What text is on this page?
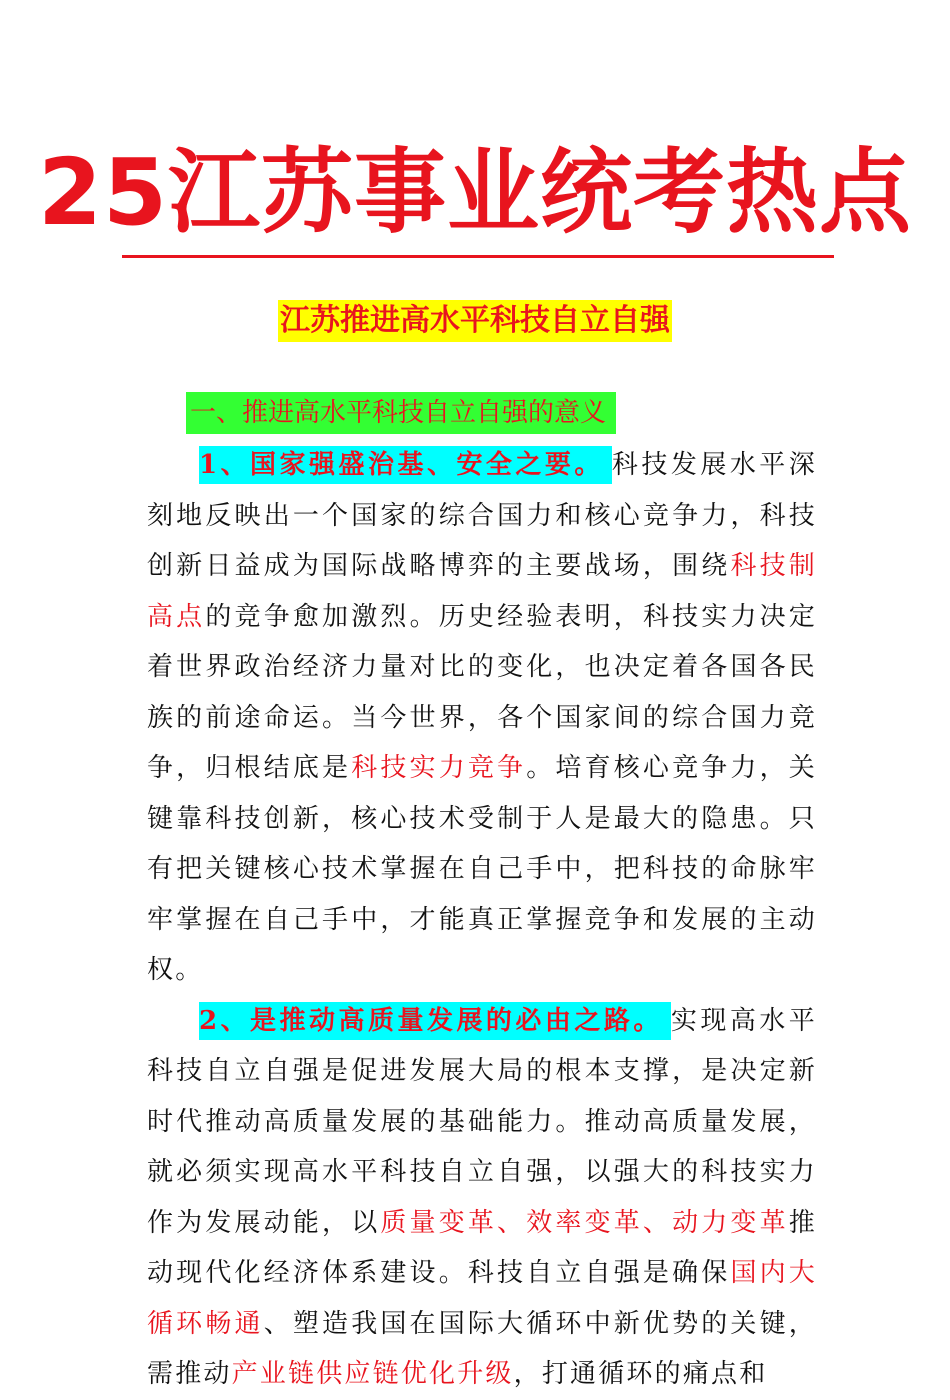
25江苏事业统考热点
江苏推进高水平科技自立自强
一、推进高水平科技自立自强的意义

1、国家强盛治基、安全之要。 科技发展水平深刻地反映出一个国家的综合国力和核心竞争力，科技创新日益成为国际战略博弈的主要战场，围绕科技制高点的竞争愈加激烈。历史经验表明，科技实力决定着世界政治经济力量对比的变化，也决定着各国各民族的前途命运。当今世界，各个国家间的综合国力竞争，归根结底是科技实力竞争。培育核心竞争力，关键靠科技创新，核心技术受制于人是最大的隐患。只有把关键核心技术掌握在自己手中，把科技的命脉牢牢掌握在自己手中，才能真正掌握竞争和发展的主动权。

2、是推动高质量发展的必由之路。 实现高水平科技自立自强是促进发展大局的根本支撑，是决定新时代推动高质量发展的基础能力。推动高质量发展，就必须实现高水平科技自立自强，以强大的科技实力作为发展动能，以质量变革、效率变革、动力变革推动现代化经济体系建设。科技自立自强是确保国内大循环畅通、塑造我国在国际大循环中新优势的关键，需推动产业链供应链优化升级，打通循环的痛点和
